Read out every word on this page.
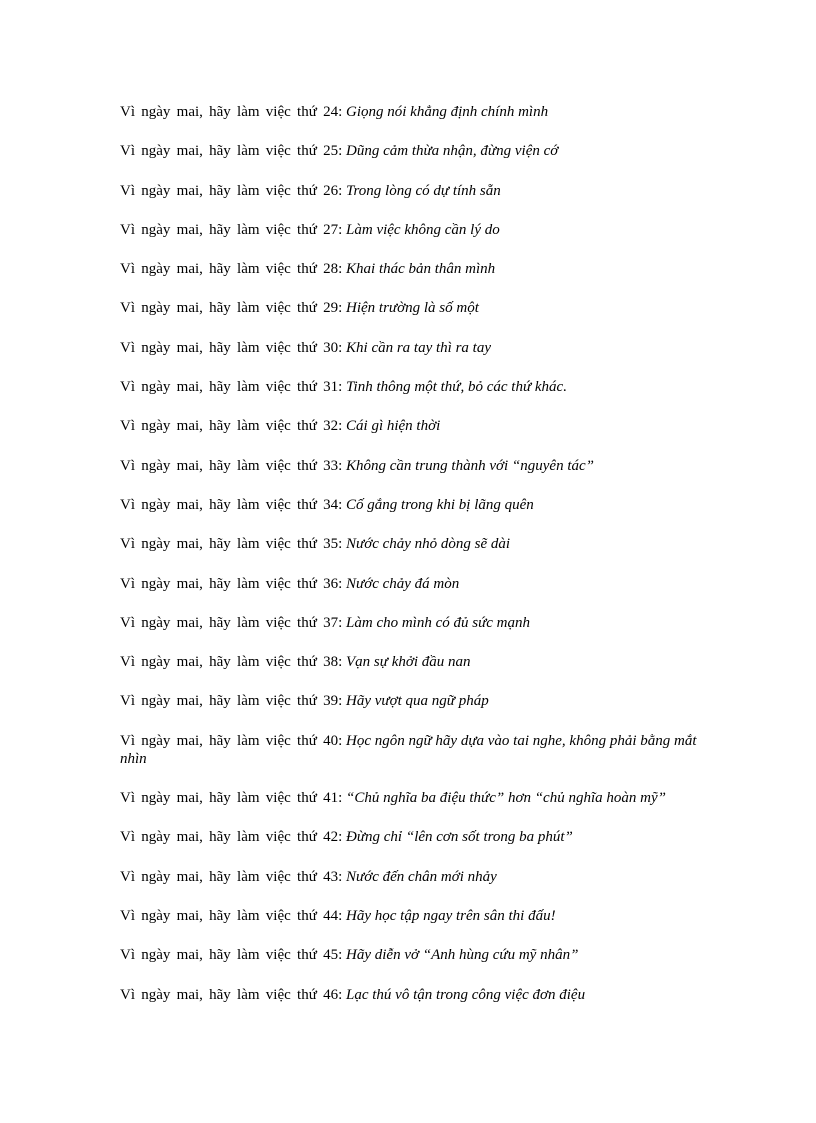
Vì ngày mai, hãy làm việc thứ 24: Giọng nói khẳng định chính mình
Vì ngày mai, hãy làm việc thứ 25: Dũng cảm thừa nhận, đừng viện cớ
Vì ngày mai, hãy làm việc thứ 26: Trong lòng có dự tính sẵn
Vì ngày mai, hãy làm việc thứ 27: Làm việc không cần lý do
Vì ngày mai, hãy làm việc thứ 28: Khai thác bản thân mình
Vì ngày mai, hãy làm việc thứ 29: Hiện trường là số một
Vì ngày mai, hãy làm việc thứ 30: Khi cần ra tay thì ra tay
Vì ngày mai, hãy làm việc thứ 31: Tinh thông một thứ, bỏ các thứ khác.
Vì ngày mai, hãy làm việc thứ 32: Cái gì hiện thời
Vì ngày mai, hãy làm việc thứ 33: Không cần trung thành với “nguyên tác”
Vì ngày mai, hãy làm việc thứ 34: Cố gắng trong khi bị lãng quên
Vì ngày mai, hãy làm việc thứ 35: Nước chảy nhỏ dòng sẽ dài
Vì ngày mai, hãy làm việc thứ 36: Nước chảy đá mòn
Vì ngày mai, hãy làm việc thứ 37: Làm cho mình có đủ sức mạnh
Vì ngày mai, hãy làm việc thứ 38: Vạn sự khởi đầu nan
Vì ngày mai, hãy làm việc thứ 39: Hãy vượt qua ngữ pháp
Vì ngày mai, hãy làm việc thứ 40: Học ngôn ngữ hãy dựa vào tai nghe, không phải bằng mắt nhìn
Vì ngày mai, hãy làm việc thứ 41: “Chủ nghĩa ba điệu thức” hơn “chủ nghĩa hoàn mỹ”
Vì ngày mai, hãy làm việc thứ 42: Đừng chỉ “lên cơn sốt trong ba phút”
Vì ngày mai, hãy làm việc thứ 43: Nước đến chân mới nhảy
Vì ngày mai, hãy làm việc thứ 44: Hãy học tập ngay trên sân thi đấu!
Vì ngày mai, hãy làm việc thứ 45: Hãy diễn vở “Anh hùng cứu mỹ nhân”
Vì ngày mai, hãy làm việc thứ 46: Lạc thú vô tận trong công việc đơn điệu
